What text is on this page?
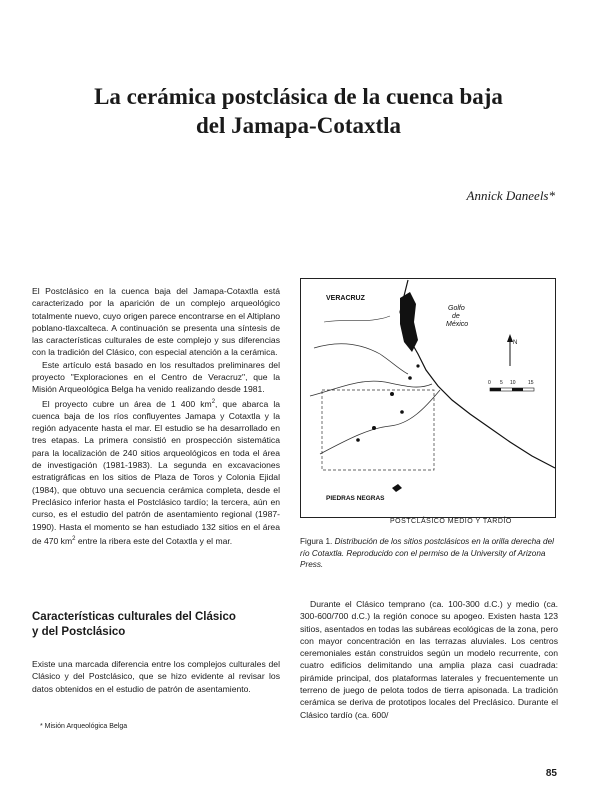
La cerámica postclásica de la cuenca baja
del Jamapa-Cotaxtla
Annick Daneels*

El Postclásico en la cuenca baja del Jamapa-Cotaxtla está caracterizado por la aparición de un complejo arqueológico totalmente nuevo, cuyo origen parece encontrarse en el Altiplano poblano-tlaxcalteca. A continuación se presenta una síntesis de las características culturales de este complejo y sus diferencias con la tradición del Clásico, con especial atención a la cerámica.

Este artículo está basado en los resultados preliminares del proyecto "Exploraciones en el Centro de Veracruz", que la Misión Arqueológica Belga ha venido realizando desde 1981.

El proyecto cubre un área de 1 400 $km^2$, que abarca la cuenca baja de los ríos confluyentes Jamapa y Cotaxtla y la región adyacente hasta el mar. El estudio se ha desarrollado en tres etapas. La primera consistió en prospección sistemática para la localización de 240 sitios arqueológicos en toda el área de investigación (1981-1983). La segunda en excavaciones estratigráficas en los sitios de Plaza de Toros y Colonia Ejidal (1984), que obtuvo una secuencia cerámica completa, desde el Preclásico inferior hasta el Postclásico tardío; la tercera, aún en curso, es el estudio del patrón de asentamiento regional (1987-1990). Hasta el momento se han estudiado 132 sitios en el área de 470 $km^2$ entre la ribera este del Cotaxtla y el mar.

Características culturales del Clásico
y del Postclásico

Existe una marcada diferencia entre los complejos culturales del Clásico y del Postclásico, que se hizo evidente al revisar los datos obtenidos en el estudio de patrón de asentamiento.

* Misión Arqueológica Belga
VERACRUZ
Golfo
de
México
N
0 5 10 15
PIEDRAS NEGRAS
POSTCLÁSICO MEDIO Y TARDÍO
Figura 1. Distribución de los sitios postclásicos en la orilla derecha del río Cotaxtla. Reproducido con el permiso de la University of Arizona Press.

Durante el Clásico temprano (ca. 100-300 d.C.) y medio (ca. 300-600/700 d.C.) la región conoce su apogeo. Existen hasta 123 sitios, asentados en todas las subáreas ecológicas de la zona, pero con mayor concentración en las terrazas aluviales. Los centros ceremoniales están construidos según un modelo recurrente, con cuatro edificios delimitando una amplia plaza casi cuadrada: pirámide principal, dos plataformas laterales y frecuentemente un terreno de juego de pelota todos de tierra apisonada. La tradición cerámica se deriva de prototipos locales del Preclásico. Durante el Clásico tardío (ca. 600/

85
